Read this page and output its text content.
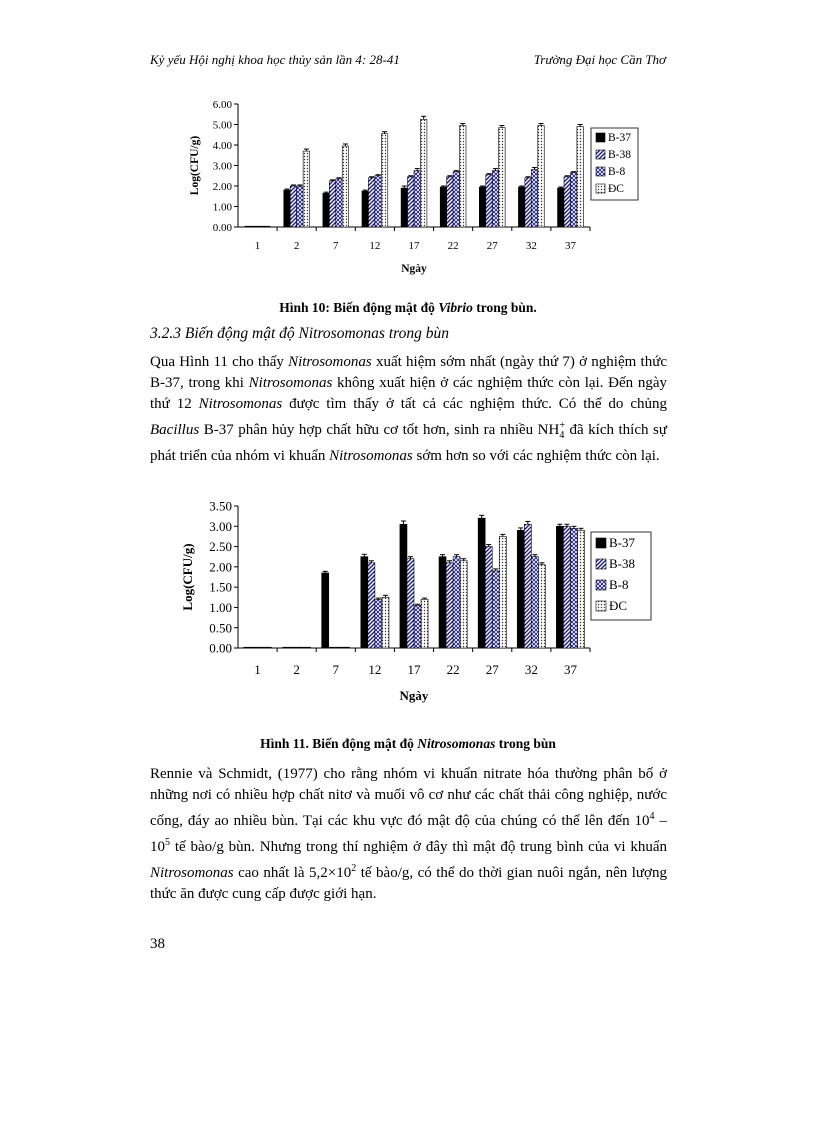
Kỷ yếu Hội nghị khoa học thủy sản lần 4: 28-41	Trường Đại học Cần Thơ
0.00
1.00
2.00
3.00
4.00
5.00
6.00
1	2	7	12	17	22	27	32	37
Log(CFU/g)
Ngày
B-37
B-38
B-8
ĐC
Hình 10: Biến động mật độ Vibrio trong bùn.
3.2.3 Biến động mật độ Nitrosomonas trong bùn

Qua Hình 11 cho thấy Nitrosomonas xuất hiệm sớm nhất (ngày thứ 7) ở nghiệm thức B-37, trong khi Nitrosomonas không xuất hiện ở các nghiệm thức còn lại. Đến ngày thứ 12 Nitrosomonas được tìm thấy ở tất cả các nghiệm thức. Có thể do chủng Bacillus B-37 phân hủy hợp chất hữu cơ tốt hơn, sinh ra nhiều $NH_4^+$ đã kích thích sự phát triển của nhóm vi khuẩn Nitrosomonas sớm hơn so với các nghiệm thức còn lại.

0.00
0.50
1.00
1.50
2.00
2.50
3.00
3.50
1	2	7 12 17 22 27 32 37
Log(CFU/g)
Ngày
B-37
B-38
B-8
ĐC
Hình 11. Biến động mật độ Nitrosomonas trong bùn

Rennie và Schmidt, (1977) cho rằng nhóm vi khuẩn nitrate hóa thường phân bố ở những nơi có nhiều hợp chất nitơ và muối vô cơ như các chất thải công nghiệp, nước cống, đáy ao nhiều bùn. Tại các khu vực đó mật độ của chúng có thể lên đến $10^4 - 10^5$ tế bào/g bùn. Nhưng trong thí nghiệm ở đây thì mật độ trung bình của vi khuẩn Nitrosomonas cao nhất là $5,2\times 10^2$ tế bào/g, có thể do thời gian nuôi ngắn, nên lượng thức ăn được cung cấp được giới hạn.

38
